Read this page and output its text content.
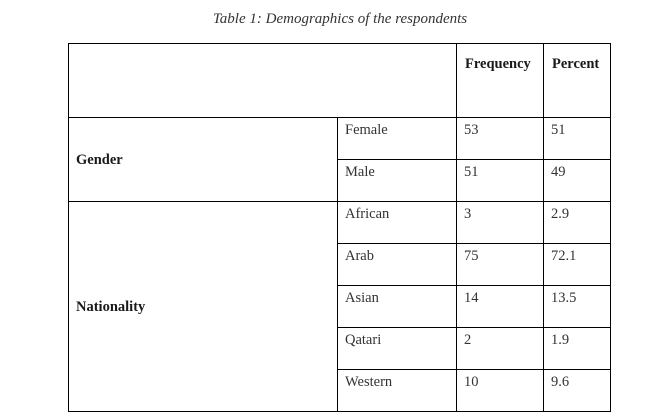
Table 1: Demographics of the respondents

		Frequency	Percent

Gender	Female	53	51
	Male	51	49
Nationality	African	3	2.9
	Arab	75	72.1
	Asian	14	13.5
	Qatari	2	1.9
	Western	10	9.6
